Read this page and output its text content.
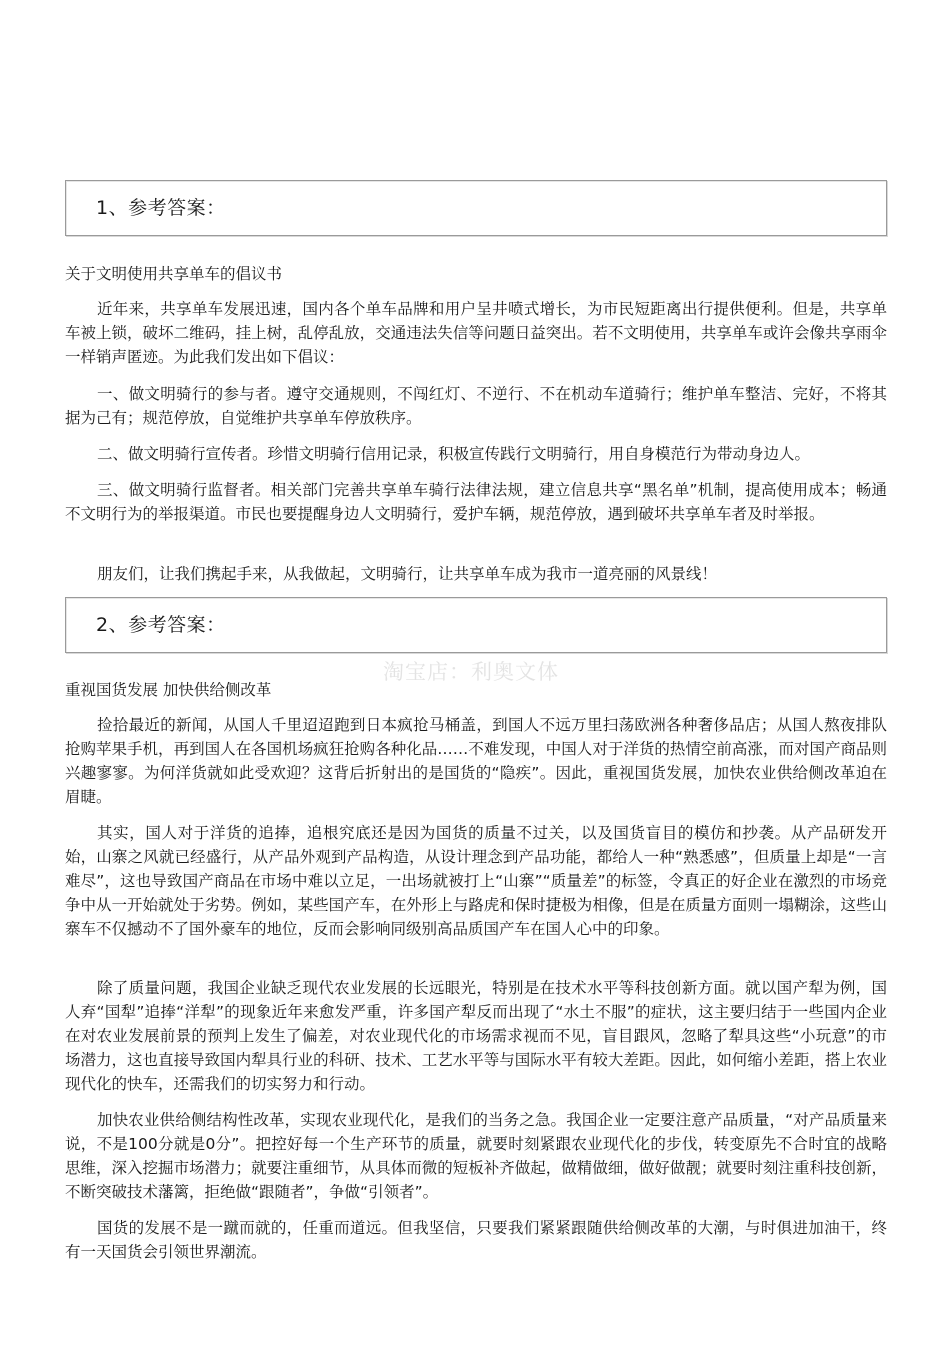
1、参考答案：
关于文明使用共享单车的倡议书

近年来，共享单车发展迅速，国内各个单车品牌和用户呈井喷式增长，为市民短距离出行提供便利。但是，共享单车被上锁，破坏二维码，挂上树，乱停乱放，交通违法失信等问题日益突出。若不文明使用，共享单车或许会像共享雨伞一样销声匿迹。为此我们发出如下倡议：

一、做文明骑行的参与者。遵守交通规则，不闯红灯、不逆行、不在机动车道骑行；维护单车整洁、完好，不将其据为己有；规范停放，自觉维护共享单车停放秩序。

二、做文明骑行宣传者。珍惜文明骑行信用记录，积极宣传践行文明骑行，用自身模范行为带动身边人。

三、做文明骑行监督者。相关部门完善共享单车骑行法律法规，建立信息共享“黑名单”机制，提高使用成本；畅通不文明行为的举报渠道。市民也要提醒身边人文明骑行，爱护车辆，规范停放，遇到破坏共享单车者及时举报。

朋友们，让我们携起手来，从我做起，文明骑行，让共享单车成为我市一道亮丽的风景线！

2、参考答案：
淘宝店：利奥文体
重视国货发展 加快供给侧改革

捡拾最近的新闻，从国人千里迢迢跑到日本疯抢马桶盖，到国人不远万里扫荡欧洲各种奢侈品店；从国人熬夜排队抢购苹果手机，再到国人在各国机场疯狂抢购各种化品……不难发现，中国人对于洋货的热情空前高涨，而对国产商品则兴趣寥寥。为何洋货就如此受欢迎？这背后折射出的是国货的“隐疾”。因此，重视国货发展，加快农业供给侧改革迫在眉睫。

其实，国人对于洋货的追捧，追根究底还是因为国货的质量不过关，以及国货盲目的模仿和抄袭。从产品研发开始，山寨之风就已经盛行，从产品外观到产品构造，从设计理念到产品功能，都给人一种“熟悉感”，但质量上却是“一言难尽”，这也导致国产商品在市场中难以立足，一出场就被打上“山寨”“质量差”的标签，令真正的好企业在激烈的市场竞争中从一开始就处于劣势。例如，某些国产车，在外形上与路虎和保时捷极为相像，但是在质量方面则一塌糊涂，这些山寨车不仅撼动不了国外豪车的地位，反而会影响同级别高品质国产车在国人心中的印象。

除了质量问题，我国企业缺乏现代农业发展的长远眼光，特别是在技术水平等科技创新方面。就以国产犁为例，国人弃“国犁”追捧“洋犁”的现象近年来愈发严重，许多国产犁反而出现了“水土不服”的症状，这主要归结于一些国内企业在对农业发展前景的预判上发生了偏差，对农业现代化的市场需求视而不见，盲目跟风，忽略了犁具这些“小玩意”的市场潜力，这也直接导致国内犁具行业的科研、技术、工艺水平等与国际水平有较大差距。因此，如何缩小差距，搭上农业现代化的快车，还需我们的切实努力和行动。

加快农业供给侧结构性改革，实现农业现代化，是我们的当务之急。我国企业一定要注意产品质量，“对产品质量来说，不是100分就是0分”。把控好每一个生产环节的质量，就要时刻紧跟农业现代化的步伐，转变原先不合时宜的战略思维，深入挖掘市场潜力；就要注重细节，从具体而微的短板补齐做起，做精做细，做好做靓；就要时刻注重科技创新，不断突破技术藩篱，拒绝做“跟随者”，争做“引领者”。

国货的发展不是一蹴而就的，任重而道远。但我坚信，只要我们紧紧跟随供给侧改革的大潮，与时俱进加油干，终有一天国货会引领世界潮流。
